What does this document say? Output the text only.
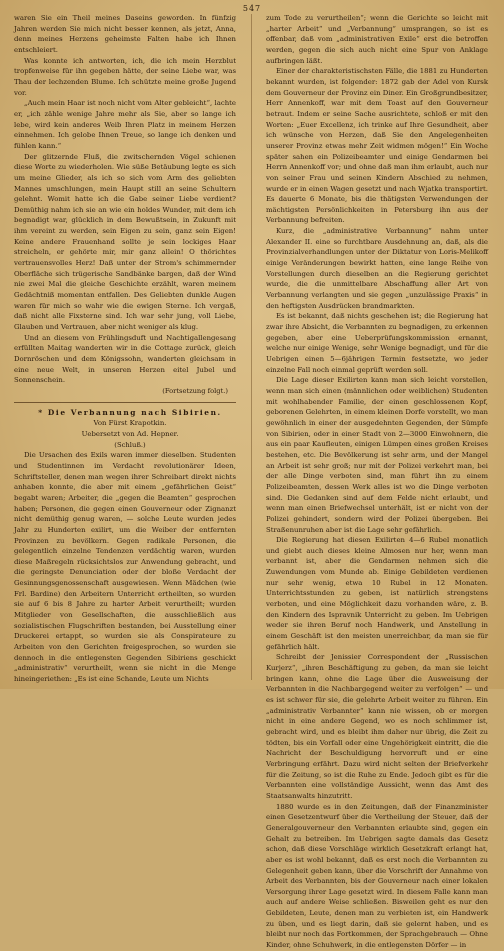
547

waren Sie ein Theil meines Daseins geworden. In fünfzig Jahren werden Sie mich nicht besser kennen, als jetzt, Anna, denn meines Herzens geheimste Falten habe ich Ihnen entschleiert.

Was konnte ich antworten, ich, die ich mein Herzblut tropfenweise für ihn gegeben hätte, der seine Liebe war, was Thau der lechzenden Blume. Ich schützte meine große Jugend vor.

„Auch mein Haar ist noch nicht vom Alter gebleicht“, lachte er, „ich zähle wenige Jahre mehr als Sie, aber so lange ich lebe, wird kein anderes Weib Ihren Platz in meinem Herzen einnehmen. Ich gelobe Ihnen Treue, so lange ich denken und fühlen kann.“

Der glitzernde Fluß, die zwitschernden Vögel schienen diese Worte zu wiederholen. Wie süße Betäubung legte es sich um meine Glieder, als ich so sich vom Arm des geliebten Mannes umschlungen, mein Haupt still an seine Schultern gelehnt. Womit hatte ich die Gabe seiner Liebe verdient? Demüthig nahm ich sie an wie ein holdes Wunder, mit dem ich begnadigt war, glücklich in dem Bewußtsein, in Zukunft mit ihm vereint zu werden, sein Eigen zu sein, ganz sein Eigen! Keine andere Frauenhand sollte je sein lockiges Haar streicheln, er gehörte mir, mir ganz allein! O thörichtes vertrauensvolles Herz! Daß unter der Strom's schimmernder Oberfläche sich trügerische Sandbänke bargen, daß der Wind nie zwei Mal die gleiche Geschichte erzählt, waren meinem Gedächtniß momentan entfallen. Des Geliebten dunkle Augen waren für mich so wahr wie die ewigen Sterne. Ich vergaß, daß nicht alle Fixsterne sind. Ich war sehr jung, voll Liebe, Glauben und Vertrauen, aber nicht weniger als klug.

Und an diesem von Frühlingsduft und Nachtigallengesang erfüllten Maitag wanderten wir in die Cottage zurück, gleich Dornröschen und dem Königssohn, wanderten gleichsam in eine neue Welt, in unseren Herzen eitel Jubel und Sonnenschein.

(Fortsetzung folgt.)

* Die Verbannung nach Sibirien.

Von Fürst Krapotkin.

Uebersetzt von Ad. Hepner.

(Schluß.)

Die Ursachen des Exils waren immer dieselben. Studenten und Studentinnen im Verdacht revolutionärer Ideen, Schriftsteller, denen man wegen ihrer Schreibart direkt nichts anhaben konnte, die aber mit einem „gefährlichen Geist“ begabt waren; Arbeiter, die „gegen die Beamten“ gesprochen haben; Personen, die gegen einen Gouverneur oder Zignanzt nicht demüthig genug waren, — solche Leute wurden jedes Jahr zu Hunderten exilirt, um die Weiber der entfernten Provinzen zu bevölkern. Gegen radikale Personen, die gelegentlich einzelne Tendenzen verdächtig waren, wurden diese Maßregeln rücksichtslos zur Anwendung gebracht, und die geringste Denunciation oder der bloße Verdacht der Gesinnungsgenossenschaft ausgewiesen. Wenn Mädchen (wie Frl. Bardine) den Arbeitern Unterricht ertheilten, so wurden sie auf 6 bis 8 Jahre zu harter Arbeit verurtheilt; wurden Mitglieder von Gesellschaften, die ausschließlich aus sozialistischen Flugschriften bestanden, bei Ausstellung einer Druckerei ertappt, so wurden sie als Conspirateure zu Arbeiten von den Gerichten freigesprochen, so wurden sie dennoch in die entlegensten Gegenden Sibiriens geschickt „administrativ“ verurtheilt, wenn sie nicht in die Menge hineingeriethen: „Es ist eine Schande, Leute um Nichts

zum Tode zu verurtheilen“; wenn die Gerichte so leicht mit „harter Arbeit“ und „Verbannung“ umsprangen, so ist es offenbar, daß vom „administrativen Exile“ erst die betroffen werden, gegen die sich auch nicht eine Spur von Anklage aufbringen läßt.

Einer der charakteristischsten Fälle, die 1881 zu Hunderten bekannt wurden, ist folgender: 1872 gab der Adel von Kursk dem Gouverneur der Provinz ein Diner. Ein Großgrundbesitzer, Herr Annenkoff, war mit dem Toast auf den Gouverneur betraut. Indem er seine Sache ausrichtete, schloß er mit den Worten: „Euer Excellenz, ich trinke auf Ihre Gesundheit, aber ich wünsche von Herzen, daß Sie den Angelegenheiten unserer Provinz etwas mehr Zeit widmen mögen!“ Ein Woche später sahen ein Polizeibeamter und einige Gendarmen bei Herrn Annenkoff vor; und ohne daß man ihm erlaubt, auch nur von seiner Frau und seinen Kindern Abschied zu nehmen, wurde er in einen Wagen gesetzt und nach Wjatka transportirt. Es dauerte 6 Monate, bis die thätigsten Verwendungen der mächtigsten Persönlichkeiten in Petersburg ihn aus der Verbannung befreiten.

Kurz, die „administrative Verbannung“ nahm unter Alexander II. eine so furchtbare Ausdehnung an, daß, als die Provinzialverhandlungen unter der Diktatur von Loris-Melikoff einige Veränderungen bewirkt hatten, eine lange Reihe von Vorstellungen durch dieselben an die Regierung gerichtet wurde, die die unmittelbare Abschaffung aller Art von Verbannung verlangten und sie gegen „unzulässige Praxis“ in den heftigsten Ausdrücken brandmarkten.

Es ist bekannt, daß nichts geschehen ist; die Regierung hat zwar ihre Absicht, die Verbannten zu begnadigen, zu erkennen gegeben, aber eine Ueberprüfungskommission ernannt, welche nur einige Wenige, sehr Wenige begnadigt, und für die Uebrigen einen 5—6jährigen Termin festsetzte, wo jeder einzelne Fall noch einmal geprüft werden soll.

Die Lage dieser Exilirten kann man sich leicht vorstellen, wenn man sich einen (männlichen oder weiblichen) Studenten mit wohlhabender Familie, der einen geschlossenen Kopf, geborenen Gelehrten, in einem kleinen Dorfe vorstellt, wo man gewöhnlich in einer der ausgedehnten Gegenden, der Sümpfe von Sibirien, oder in einer Stadt von 2—3000 Einwohnern, die aus ein paar Kaufleuten, einigen Lümpen eines großen Kreises bestehen, etc. Die Bevölkerung ist sehr arm, und der Mangel an Arbeit ist sehr groß; nur mit der Polizei verkehrt man, bei der alle Dinge verboten sind, man führt ihn zu einem Polizeibeamten, dessen Werk alles ist wo die Dinge verboten sind. Die Gedanken sind auf dem Felde nicht erlaubt, und wenn man einen Briefwechsel unterhält, ist er nicht von der Polizei gehindert, sondern wird der Polizei übergeben. Bei Straßenunruhen aber ist die Lage sehr gefährlich.

Die Regierung hat diesen Exilirten 4—6 Rubel monatlich und giebt auch dieses kleine Almosen nur her, wenn man verbannt ist, aber die Gendarmen nehmen sich die Zuwendungen vom Munde ab. Einige Gebildeten verdienen nur sehr wenig, etwa 10 Rubel in 12 Monaten. Unterrichtsstunden zu geben, ist natürlich strengstens verboten, und eine Möglichkeit dazu vorhanden wäre, z. B. den Kindern des Ispravnik Unterricht zu geben. Im Uebrigen weder sie ihren Beruf noch Handwerk, und Anstellung in einem Geschäft ist den meisten unerreichbar, da man sie für gefährlich hält.

Schreibt der Jenissier Correspondent der „Russischen Kurjerz“, „ihren Beschäftigung zu geben, da man sie leicht bringen kann, ohne die Lage über die Ausweisung der Verbannten in die Nachbargegend weiter zu verfolgen“ — und es ist schwer für sie, die gelehrte Arbeit weiter zu führen. Ein „administrativ Verbannter“ kann nie wissen, ob er morgen nicht in eine andere Gegend, wo es noch schlimmer ist, gebracht wird, und es bleibt ihm daher nur übrig, die Zeit zu tödten, bis ein Vorfall oder eine Ungehörigkeit eintritt, die die Nachricht der Beschuldigung hervorruft und er eine Verbringung erfährt. Dazu wird nicht selten der Briefverkehr für die Zeitung, so ist die Ruhe zu Ende. Jedoch gibt es für die Verbannten eine vollständige Aussicht, wenn das Amt des Staatsanwalts hinzutritt.

1880 wurde es in den Zeitungen, daß der Finanzminister einen Gesetzentwurf über die Vertheilung der Steuer, daß der Generalgouverneur den Verbannten erlaubte sind, gegen ein Gehalt zu betreiben. Im Uebrigen sagte damals das Gesetz schon, daß diese Vorschläge wirklich Gesetzkraft erlangt hat, aber es ist wohl bekannt, daß es erst noch die Verbannten zu Gelegenheit geben kann, über die Vorschrift der Annahme von Arbeit des Verbannten, bis der Gouverneur nach einer lokalen Versorgung ihrer Lage gesetzt wird. In diesem Falle kann man auch auf andere Weise schließen. Bisweilen geht es nur den Gebildeten, Leute, denen man zu verbieten ist, ein Handwerk zu üben, und es liegt darin, daß sie gelernt haben, und es bleibt nur noch das Fortkommen, der Sprachgebrauch — Ohne Kinder, ohne Schuhwerk, in die entlegensten Dörfer — in
